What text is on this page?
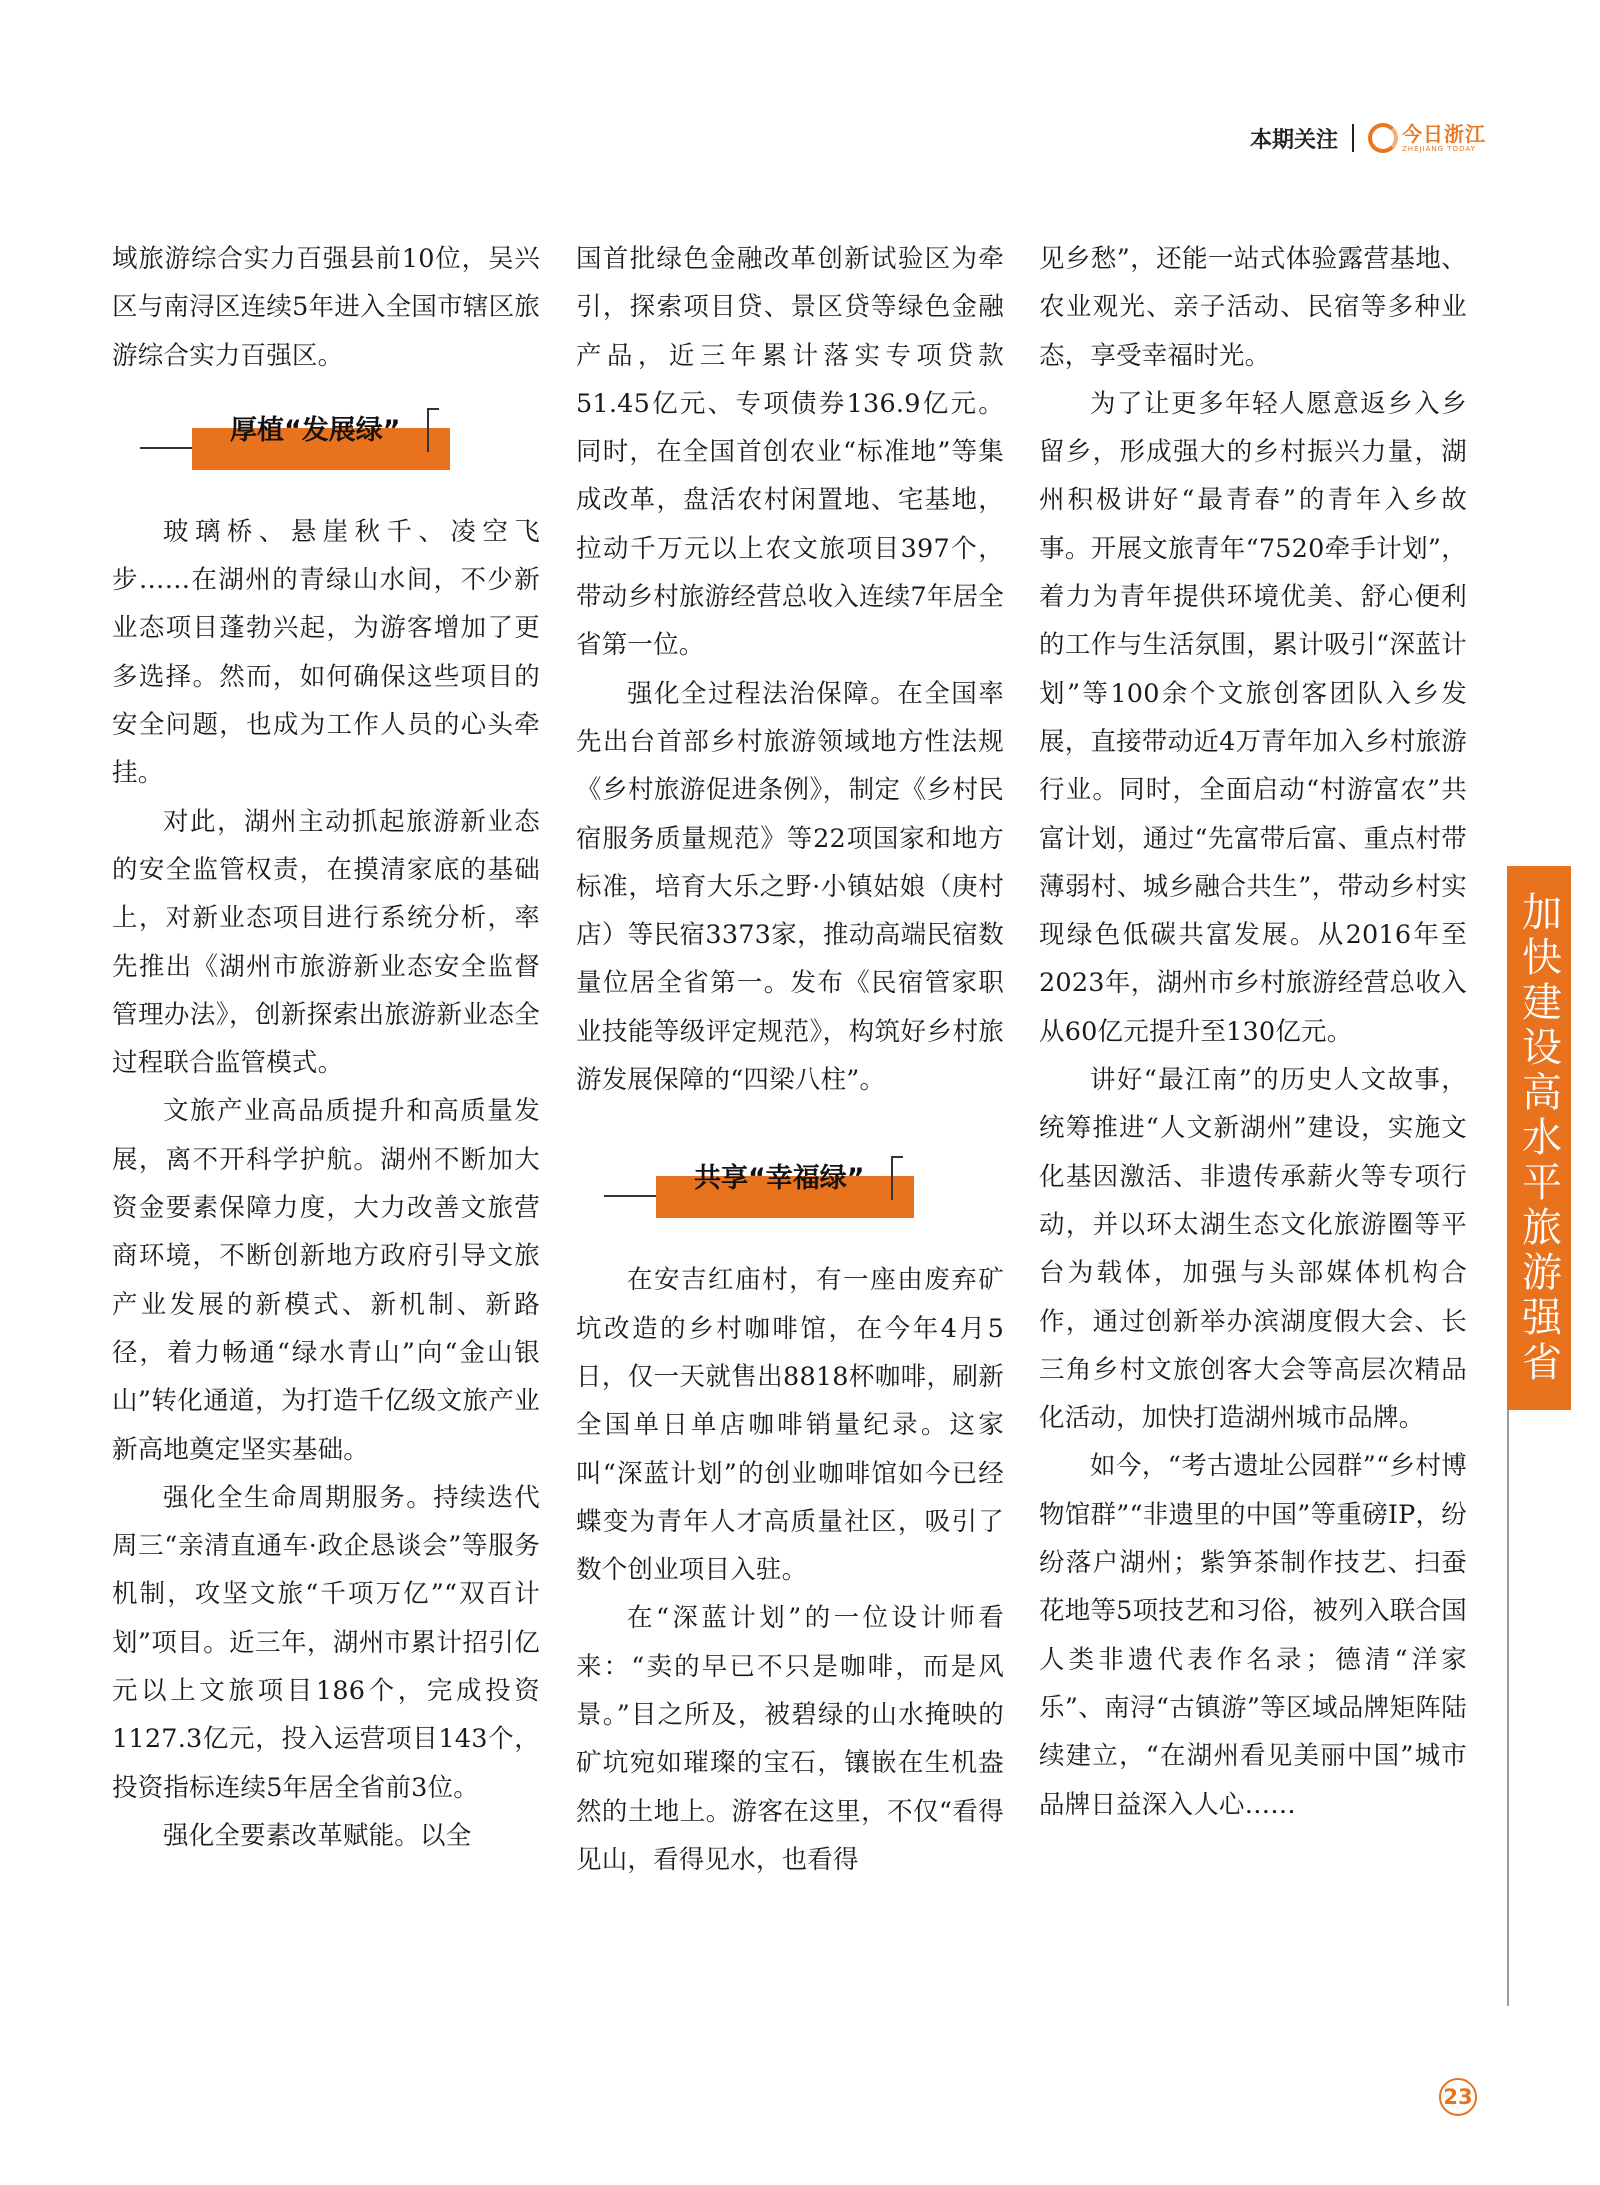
本期关注	今日浙江
ZHEJIANG TODAY

域旅游综合实力百强县前10位，吴兴区与南浔区连续5年进入全国市辖区旅游综合实力百强区。

厚植“发展绿”

玻璃桥、悬崖秋千、凌空飞步……在湖州的青绿山水间，不少新业态项目蓬勃兴起，为游客增加了更多选择。然而，如何确保这些项目的安全问题，也成为工作人员的心头牵挂。

对此，湖州主动抓起旅游新业态的安全监管权责，在摸清家底的基础上，对新业态项目进行系统分析，率先推出《湖州市旅游新业态安全监督管理办法》，创新探索出旅游新业态全过程联合监管模式。

文旅产业高品质提升和高质量发展，离不开科学护航。湖州不断加大资金要素保障力度，大力改善文旅营商环境，不断创新地方政府引导文旅产业发展的新模式、新机制、新路径，着力畅通“绿水青山”向“金山银山”转化通道，为打造千亿级文旅产业新高地奠定坚实基础。

强化全生命周期服务。持续迭代周三“亲清直通车·政企恳谈会”等服务机制，攻坚文旅“千项万亿”“双百计划”项目。近三年，湖州市累计招引亿元以上文旅项目186个，完成投资1127.3亿元，投入运营项目143个，投资指标连续5年居全省前3位。

强化全要素改革赋能。以全

国首批绿色金融改革创新试验区为牵引，探索项目贷、景区贷等绿色金融产品，近三年累计落实专项贷款51.45亿元、专项债券136.9亿元。同时，在全国首创农业“标准地”等集成改革，盘活农村闲置地、宅基地，拉动千万元以上农文旅项目397个，带动乡村旅游经营总收入连续7年居全省第一位。

强化全过程法治保障。在全国率先出台首部乡村旅游领域地方性法规《乡村旅游促进条例》，制定《乡村民宿服务质量规范》等22项国家和地方标准，培育大乐之野·小镇姑娘（庚村店）等民宿3373家，推动高端民宿数量位居全省第一。发布《民宿管家职业技能等级评定规范》，构筑好乡村旅游发展保障的“四梁八柱”。

共享“幸福绿”

在安吉红庙村，有一座由废弃矿坑改造的乡村咖啡馆，在今年4月5日，仅一天就售出8818杯咖啡，刷新全国单日单店咖啡销量纪录。这家叫“深蓝计划”的创业咖啡馆如今已经蝶变为青年人才高质量社区，吸引了数个创业项目入驻。

在“深蓝计划”的一位设计师看来：“卖的早已不只是咖啡，而是风景。”目之所及，被碧绿的山水掩映的矿坑宛如璀璨的宝石，镶嵌在生机盎然的土地上。游客在这里，不仅“看得见山，看得见水，也看得

见乡愁”，还能一站式体验露营基地、农业观光、亲子活动、民宿等多种业态，享受幸福时光。

为了让更多年轻人愿意返乡入乡留乡，形成强大的乡村振兴力量，湖州积极讲好“最青春”的青年入乡故事。开展文旅青年“7520牵手计划”，着力为青年提供环境优美、舒心便利的工作与生活氛围，累计吸引“深蓝计划”等100余个文旅创客团队入乡发展，直接带动近4万青年加入乡村旅游行业。同时，全面启动“村游富农”共富计划，通过“先富带后富、重点村带薄弱村、城乡融合共生”，带动乡村实现绿色低碳共富发展。从2016年至2023年，湖州市乡村旅游经营总收入从60亿元提升至130亿元。

讲好“最江南”的历史人文故事，统筹推进“人文新湖州”建设，实施文化基因激活、非遗传承薪火等专项行动，并以环太湖生态文化旅游圈等平台为载体，加强与头部媒体机构合作，通过创新举办滨湖度假大会、长三角乡村文旅创客大会等高层次精品化活动，加快打造湖州城市品牌。

如今，“考古遗址公园群”“乡村博物馆群”“非遗里的中国”等重磅IP，纷纷落户湖州；紫笋茶制作技艺、扫蚕花地等5项技艺和习俗，被列入联合国人类非遗代表作名录；德清“洋家乐”、南浔“古镇游”等区域品牌矩阵陆续建立，“在湖州看见美丽中国”城市品牌日益深入人心……

加快建设高水平旅游强省
23
